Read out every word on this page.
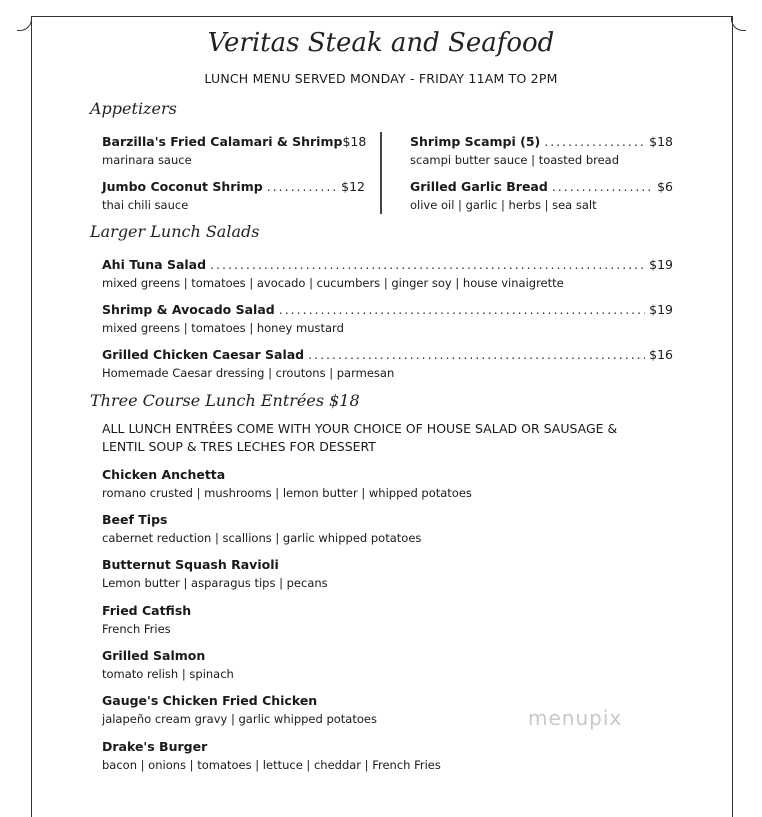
Veritas Steak and Seafood
LUNCH MENU SERVED MONDAY - FRIDAY 11AM TO 2PM
Appetizers
Barzilla's Fried Calamari & Shrimp $18
marinara sauce
Jumbo Coconut Shrimp .....	$12
thai chili sauce
Shrimp Scampi (5) .....	$18
scampi butter sauce | toasted bread
Grilled Garlic Bread .....	$6
olive oil | garlic | herbs | sea salt
Larger Lunch Salads
Ahi Tuna Salad .....	$19
mixed greens | tomatoes | avocado | cucumbers | ginger soy | house vinaigrette
Shrimp & Avocado Salad .....	$19
mixed greens | tomatoes | honey mustard
Grilled Chicken Caesar Salad .....	$16
Homemade Caesar dressing | croutons | parmesan
Three Course Lunch Entrées $18
ALL LUNCH ENTRÉES COME WITH YOUR CHOICE OF HOUSE SALAD OR SAUSAGE & LENTIL SOUP & TRES LECHES FOR DESSERT
Chicken Anchetta
romano crusted | mushrooms | lemon butter | whipped potatoes
Beef Tips
cabernet reduction | scallions | garlic whipped potatoes
Butternut Squash Ravioli
Lemon butter | asparagus tips | pecans
Fried Catfish
French Fries
Grilled Salmon
tomato relish | spinach
Gauge's Chicken Fried Chicken
jalapeño cream gravy | garlic whipped potatoes
Drake's Burger
bacon | onions | tomatoes | lettuce | cheddar | French Fries
menupix
